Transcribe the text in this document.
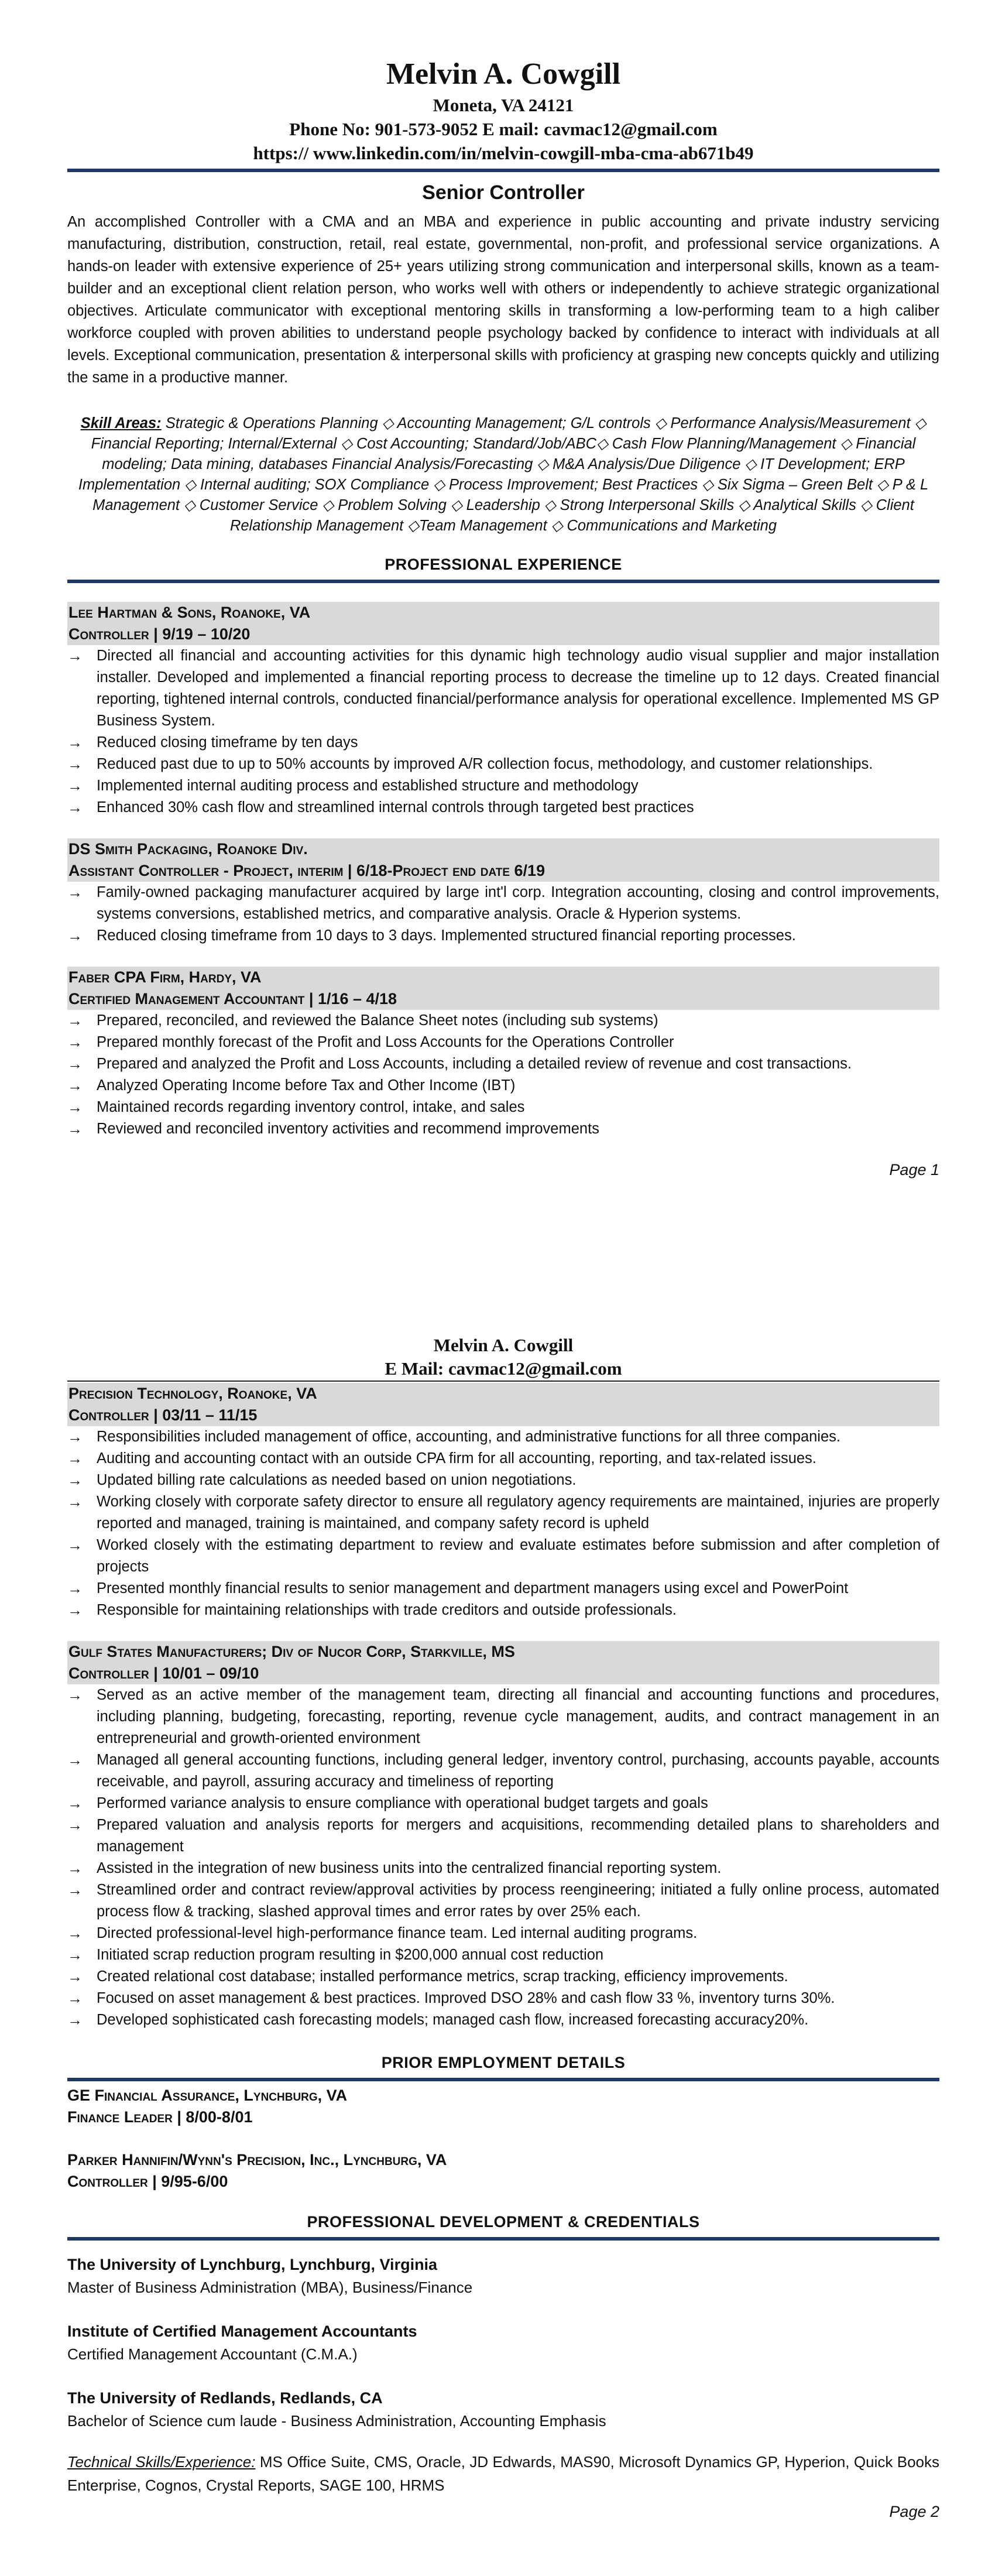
Melvin A. Cowgill
Moneta, VA 24121
Phone No: 901-573-9052 E mail: cavmac12@gmail.com
https:// www.linkedin.com/in/melvin-cowgill-mba-cma-ab671b49
Senior Controller
An accomplished Controller with a CMA and an MBA and experience in public accounting and private industry servicing manufacturing, distribution, construction, retail, real estate, governmental, non-profit, and professional service organizations. A hands-on leader with extensive experience of 25+ years utilizing strong communication and interpersonal skills, known as a team-builder and an exceptional client relation person, who works well with others or independently to achieve strategic organizational objectives. Articulate communicator with exceptional mentoring skills in transforming a low-performing team to a high caliber workforce coupled with proven abilities to understand people psychology backed by confidence to interact with individuals at all levels. Exceptional communication, presentation & interpersonal skills with proficiency at grasping new concepts quickly and utilizing the same in a productive manner.
Skill Areas: Strategic & Operations Planning ◇ Accounting Management; G/L controls ◇ Performance Analysis/Measurement ◇ Financial Reporting; Internal/External ◇ Cost Accounting; Standard/Job/ABC◇ Cash Flow Planning/Management ◇ Financial modeling; Data mining, databases Financial Analysis/Forecasting ◇ M&A Analysis/Due Diligence ◇ IT Development; ERP Implementation ◇ Internal auditing; SOX Compliance ◇ Process Improvement; Best Practices ◇ Six Sigma – Green Belt ◇ P & L Management ◇ Customer Service ◇ Problem Solving ◇ Leadership ◇ Strong Interpersonal Skills ◇ Analytical Skills ◇ Client Relationship Management ◇Team Management ◇ Communications and Marketing
PROFESSIONAL EXPERIENCE
Lee Hartman & Sons, Roanoke, VA
Controller | 9/19 – 10/20
→ Directed all financial and accounting activities for this dynamic high technology audio visual supplier and major installation installer. Developed and implemented a financial reporting process to decrease the timeline up to 12 days. Created financial reporting, tightened internal controls, conducted financial/performance analysis for operational excellence. Implemented MS GP Business System.
→ Reduced closing timeframe by ten days
→ Reduced past due to up to 50% accounts by improved A/R collection focus, methodology, and customer relationships.
→ Implemented internal auditing process and established structure and methodology
→ Enhanced 30% cash flow and streamlined internal controls through targeted best practices
DS Smith Packaging, Roanoke Div.
Assistant Controller - Project, interim | 6/18-Project end date 6/19
→ Family-owned packaging manufacturer acquired by large int'l corp. Integration accounting, closing and control improvements, systems conversions, established metrics, and comparative analysis. Oracle & Hyperion systems.
→ Reduced closing timeframe from 10 days to 3 days. Implemented structured financial reporting processes.
Faber CPA Firm, Hardy, VA
Certified Management Accountant | 1/16 – 4/18
→ Prepared, reconciled, and reviewed the Balance Sheet notes (including sub systems)
→ Prepared monthly forecast of the Profit and Loss Accounts for the Operations Controller
→ Prepared and analyzed the Profit and Loss Accounts, including a detailed review of revenue and cost transactions.
→ Analyzed Operating Income before Tax and Other Income (IBT)
→ Maintained records regarding inventory control, intake, and sales
→ Reviewed and reconciled inventory activities and recommend improvements
Page 1
Melvin A. Cowgill
E Mail: cavmac12@gmail.com
Precision Technology, Roanoke, VA
Controller | 03/11 – 11/15
→ Responsibilities included management of office, accounting, and administrative functions for all three companies.
→ Auditing and accounting contact with an outside CPA firm for all accounting, reporting, and tax-related issues.
→ Updated billing rate calculations as needed based on union negotiations.
→ Working closely with corporate safety director to ensure all regulatory agency requirements are maintained, injuries are properly reported and managed, training is maintained, and company safety record is upheld
→ Worked closely with the estimating department to review and evaluate estimates before submission and after completion of projects
→ Presented monthly financial results to senior management and department managers using excel and PowerPoint
→ Responsible for maintaining relationships with trade creditors and outside professionals.
Gulf States Manufacturers; Div of Nucor Corp, Starkville, MS
Controller | 10/01 – 09/10
→ Served as an active member of the management team, directing all financial and accounting functions and procedures, including planning, budgeting, forecasting, reporting, revenue cycle management, audits, and contract management in an entrepreneurial and growth-oriented environment
→ Managed all general accounting functions, including general ledger, inventory control, purchasing, accounts payable, accounts receivable, and payroll, assuring accuracy and timeliness of reporting
→ Performed variance analysis to ensure compliance with operational budget targets and goals
→ Prepared valuation and analysis reports for mergers and acquisitions, recommending detailed plans to shareholders and management
→ Assisted in the integration of new business units into the centralized financial reporting system.
→ Streamlined order and contract review/approval activities by process reengineering; initiated a fully online process, automated process flow & tracking, slashed approval times and error rates by over 25% each.
→ Directed professional-level high-performance finance team. Led internal auditing programs.
→ Initiated scrap reduction program resulting in $200,000 annual cost reduction
→ Created relational cost database; installed performance metrics, scrap tracking, efficiency improvements.
→ Focused on asset management & best practices. Improved DSO 28% and cash flow 33 %, inventory turns 30%.
→ Developed sophisticated cash forecasting models; managed cash flow, increased forecasting accuracy20%.
PRIOR EMPLOYMENT DETAILS
GE Financial Assurance, Lynchburg, VA
Finance Leader | 8/00-8/01
Parker Hannifin/Wynn's Precision, Inc., Lynchburg, VA
Controller | 9/95-6/00
PROFESSIONAL DEVELOPMENT & CREDENTIALS
The University of Lynchburg, Lynchburg, Virginia
Master of Business Administration (MBA), Business/Finance
Institute of Certified Management Accountants
Certified Management Accountant (C.M.A.)
The University of Redlands, Redlands, CA
Bachelor of Science cum laude - Business Administration, Accounting Emphasis
Technical Skills/Experience: MS Office Suite, CMS, Oracle, JD Edwards, MAS90, Microsoft Dynamics GP, Hyperion, Quick Books Enterprise, Cognos, Crystal Reports, SAGE 100, HRMS
Page 2
